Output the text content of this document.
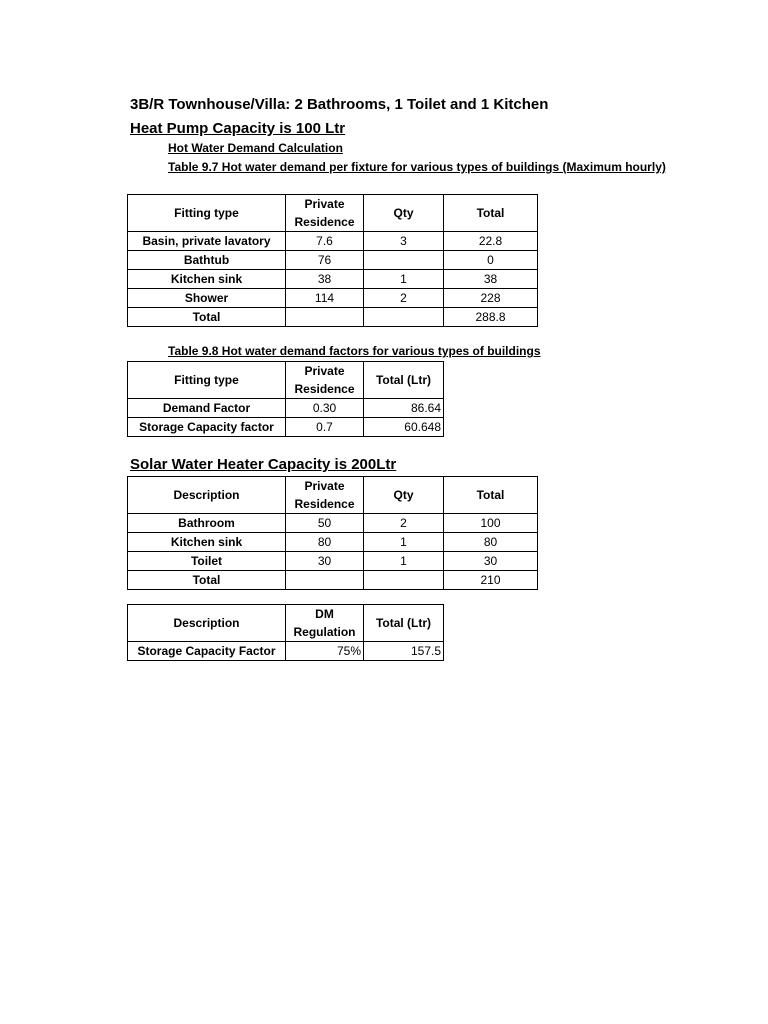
3B/R Townhouse/Villa: 2 Bathrooms, 1 Toilet and 1 Kitchen
Heat Pump Capacity is 100 Ltr
Hot Water Demand Calculation
Table 9.7 Hot water demand per fixture for various types of buildings (Maximum hourly)
Fitting type	Private Residence	Qty	Total
Basin, private lavatory	7.6	3	22.8
Bathtub	76		0
Kitchen sink	38	1	38
Shower	114	2	228
Total			288.8
Table 9.8 Hot water demand factors for various types of buildings
Fitting type	Private Residence	Total (Ltr)
Demand Factor	0.30	86.64
Storage Capacity factor	0.7	60.648
Solar Water Heater Capacity is 200Ltr
Description	Private Residence	Qty	Total
Bathroom	50	2	100
Kitchen sink	80	1	80
Toilet	30	1	30
Total			210
Description	DM Regulation	Total (Ltr)
Storage Capacity Factor	75%	157.5
